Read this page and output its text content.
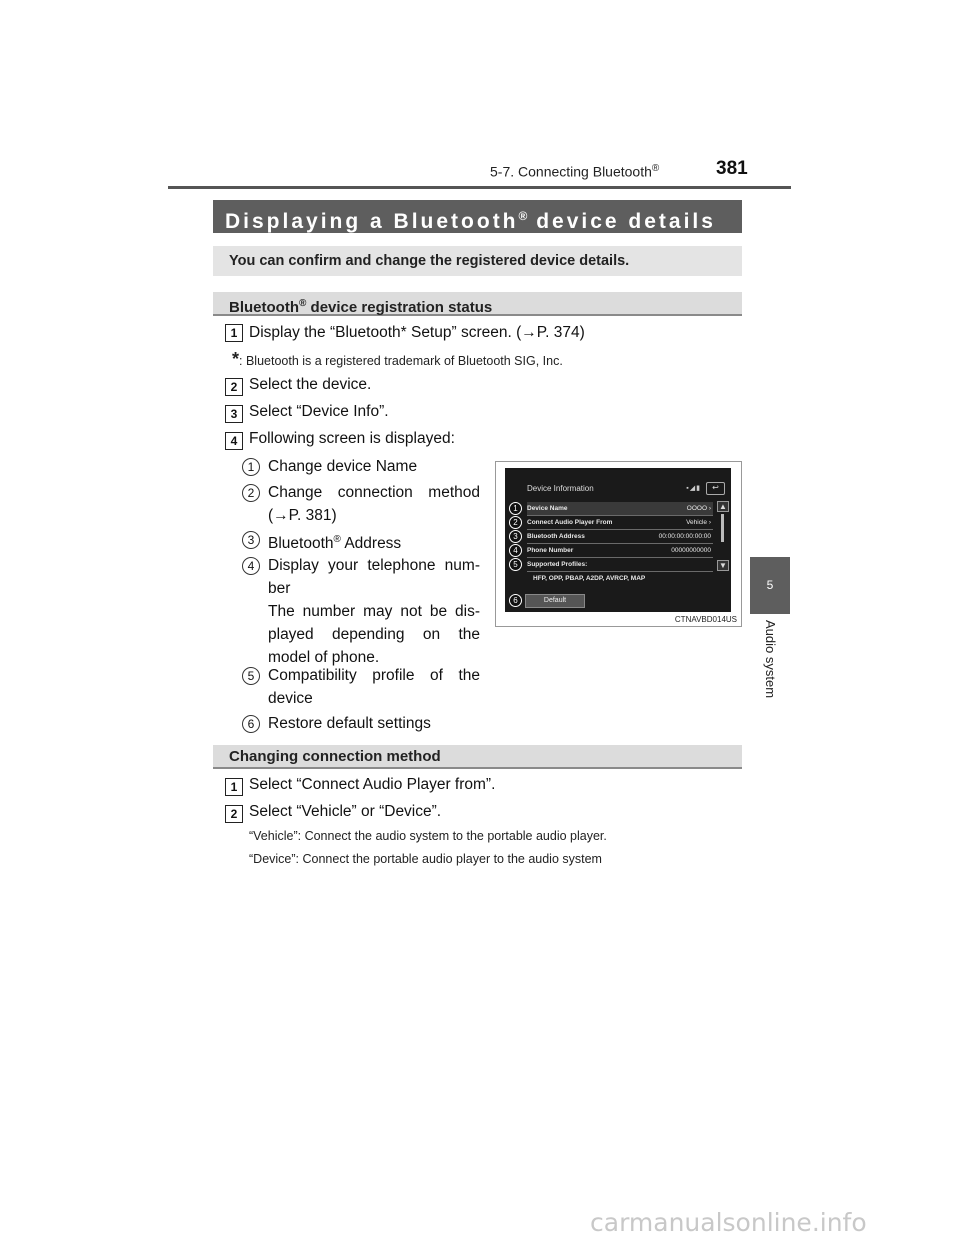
5-7. Connecting Bluetooth®	381
5
Audio system
Displaying a Bluetooth® device details
You can confirm and change the registered device details.
Bluetooth® device registration status
1 Display the “Bluetooth* Setup” screen. (→P. 374)
*: Bluetooth is a registered trademark of Bluetooth SIG, Inc.
2 Select the device.
3 Select “Device Info”.
4 Following screen is displayed:
1 Change device Name
2 Change connection method
(→P. 381)
3 Bluetooth® Address
4 Display your telephone num-
ber
The number may not be dis-
played depending on the
model of phone.
5 Compatibility profile of the
device
6 Restore default settings
Device Information	▪◢▮	↩
Device Name	OOOO ›
Connect Audio Player From	Vehicle ›
Bluetooth Address	00:00:00:00:00:00
Phone Number	00000000000
Supported Profiles:
HFP, OPP, PBAP, A2DP, AVRCP, MAP
▲
▼
Default
1
2
3
4
5
6
CTNAVBD014US
Changing connection method
1 Select “Connect Audio Player from”.
2 Select “Vehicle” or “Device”.
“Vehicle”: Connect the audio system to the portable audio player.
“Device”: Connect the portable audio player to the audio system
carmanualsonline.info
